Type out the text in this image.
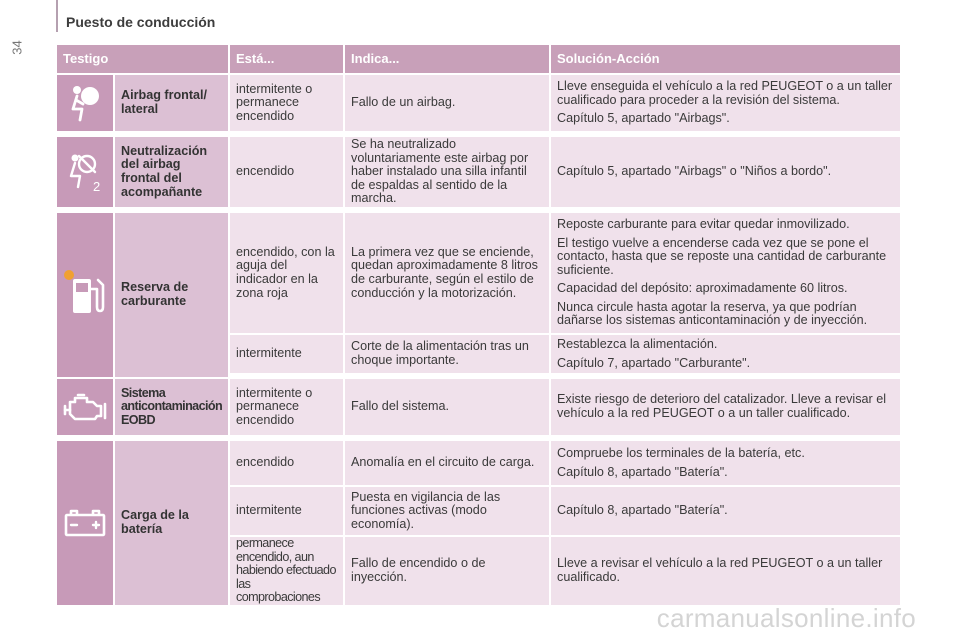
34
Puesto de conducción
Testigo		Está...	Indica...	Solución-Acción
	Airbag frontal/ lateral	intermitente o permanece encendido	Fallo de un airbag.	Lleve enseguida el vehículo a la red PEUGEOT o a un taller cualificado para proceder a la revisión del sistema.

Capítulo 5, apartado "Airbags".

2	Neutralización del airbag frontal del acompañante	encendido	Se ha neutralizado voluntariamente este airbag por haber instalado una silla infantil de espaldas al sentido de la marcha.	Capítulo 5, apartado "Airbags" o "Niños a bordo".

	Reserva de carburante	encendido, con la aguja del indicador en la zona roja	La primera vez que se enciende, quedan aproximadamente 8 litros de carburante, según el estilo de conducción y la motorización.	Reposte carburante para evitar quedar inmovilizado.

El testigo vuelve a encenderse cada vez que se pone el contacto, hasta que se reposte una cantidad de carburante suficiente.

Capacidad del depósito: aproximadamente 60 litros.

Nunca circule hasta agotar la reserva, ya que podrían dañarse los sistemas anticontaminación y de inyección.

		intermitente	Corte de la alimentación tras un choque importante.	Restablezca la alimentación.

Capítulo 7, apartado "Carburante".

	Sistema anticontaminación EOBD	intermitente o permanece encendido	Fallo del sistema.	Existe riesgo de deterioro del catalizador. Lleve a revisar el vehículo a la red PEUGEOT o a un taller cualificado.

	Carga de la batería	encendido	Anomalía en el circuito de carga.	Compruebe los terminales de la batería, etc.

Capítulo 8, apartado "Batería".

		intermitente	Puesta en vigilancia de las funciones activas (modo economía).	Capítulo 8, apartado "Batería".

		permanece encendido, aun habiendo efectuado las comprobaciones	Fallo de encendido o de inyección.	Lleve a revisar el vehículo a la red PEUGEOT o a un taller cualificado.

carmanualsonline.info
